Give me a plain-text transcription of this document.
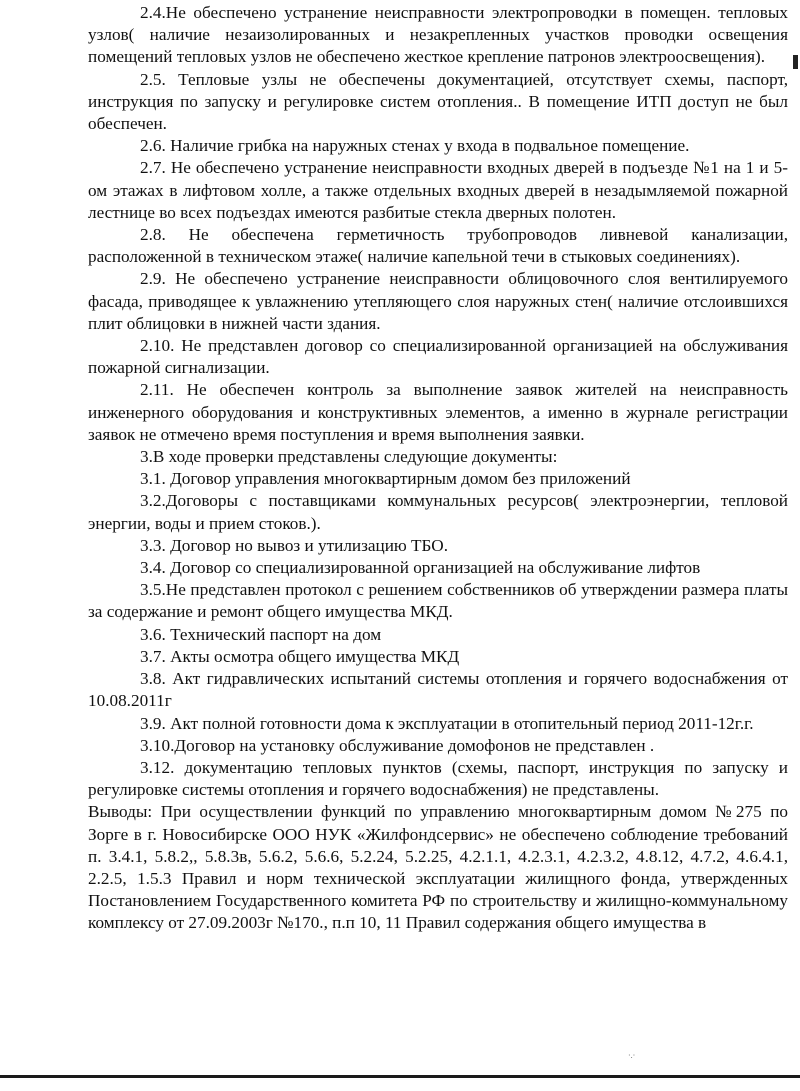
2.4.Не обеспечено устранение неисправности электропроводки в помещен. тепловых узлов( наличие незаизолированных и незакрепленных участков проводки освещения помещений тепловых узлов не обеспечено жесткое крепление патронов электроосвещения).

2.5. Тепловые узлы не обеспечены документацией, отсутствует схемы, паспорт, инструкция по запуску и регулировке систем отопления.. В помещение ИТП доступ не был обеспечен.

2.6. Наличие грибка на наружных стенах у входа в подвальное помещение.

2.7. Не обеспечено устранение неисправности входных дверей в подъезде №1 на 1 и 5-ом этажах в лифтовом холле, а также отдельных входных дверей в незадымляемой пожарной лестнице во всех подъездах имеются разбитые стекла дверных полотен.

2.8. Не обеспечена герметичность трубопроводов ливневой канализации, расположенной в техническом этаже( наличие капельной течи в стыковых соединениях).

2.9. Не обеспечено устранение неисправности облицовочного слоя вентилируемого фасада, приводящее к увлажнению утепляющего слоя наружных стен( наличие отслоившихся плит облицовки в нижней части здания.

2.10. Не представлен договор со специализированной организацией на обслуживания пожарной сигнализации.

2.11. Не обеспечен контроль за выполнение заявок жителей на неисправность инженерного оборудования и конструктивных элементов, а именно в журнале регистрации заявок не отмечено время поступления и время выполнения заявки.

3.В ходе проверки представлены следующие документы:

3.1. Договор управления многоквартирным домом без приложений

3.2.Договоры с поставщиками коммунальных ресурсов( электроэнергии, тепловой энергии, воды и прием стоков.).

3.3. Договор но вывоз и утилизацию ТБО.

3.4. Договор со специализированной организацией на обслуживание лифтов

3.5.Не представлен протокол с решением собственников об утверждении размера платы за содержание и ремонт общего имущества МКД.

3.6. Технический паспорт на дом

3.7. Акты осмотра общего имущества МКД

3.8. Акт гидравлических испытаний системы отопления и горячего водоснабжения от 10.08.2011г

3.9. Акт полной готовности дома к эксплуатации в отопительный период 2011-12г.г.

3.10.Договор на установку обслуживание домофонов не представлен .

3.12. документацию тепловых пунктов (схемы, паспорт, инструкция по запуску и регулировке системы отопления и горячего водоснабжения) не представлены.

Выводы: При осуществлении функций по управлению многоквартирным домом №275 по Зорге в г. Новосибирске ООО НУК «Жилфондсервис» не обеспечено соблюдение требований п. 3.4.1, 5.8.2,, 5.8.3в, 5.6.2, 5.6.6, 5.2.24, 5.2.25, 4.2.1.1, 4.2.3.1, 4.2.3.2, 4.8.12, 4.7.2, 4.6.4.1, 2.2.5, 1.5.3 Правил и норм технической эксплуатации жилищного фонда, утвержденных Постановлением Государственного комитета РФ по строительству и жилищно-коммунальному комплексу от 27.09.2003г №170., п.п 10, 11 Правил содержания общего имущества в

·.·
